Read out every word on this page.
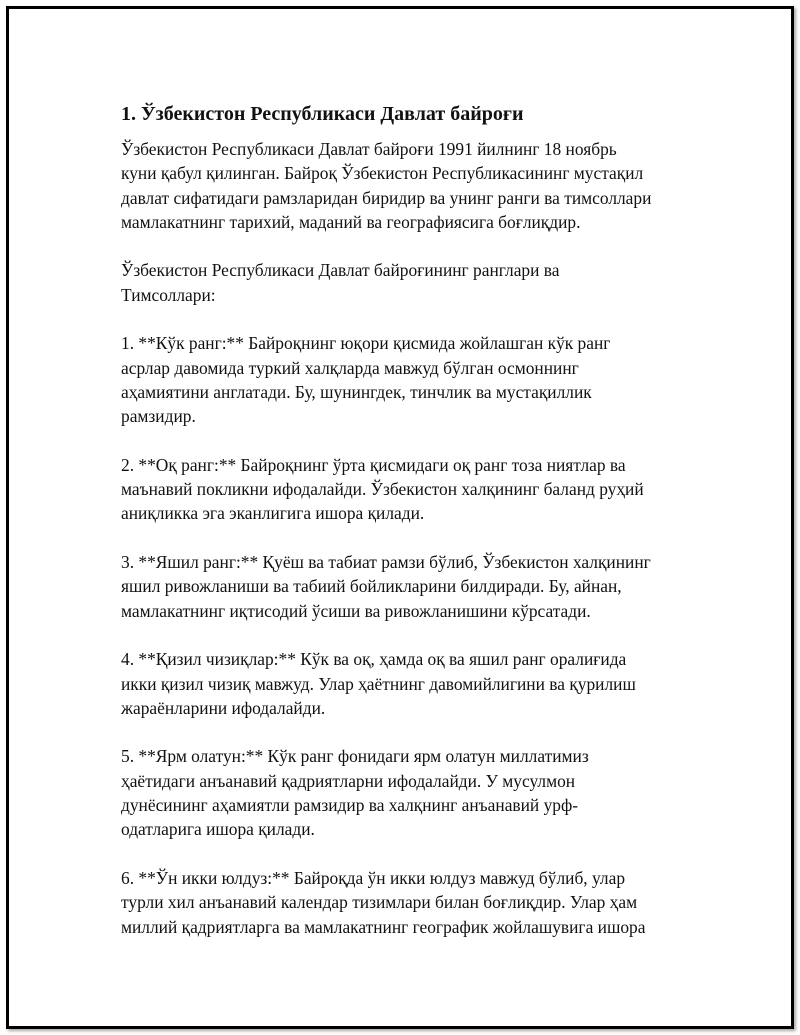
1. Ўзбекистон Республикаси Давлат байроғи

Ўзбекистон Республикаси Давлат байроғи 1991 йилнинг 18 ноябрь
куни қабул қилинган. Байроқ Ўзбекистон Республикасининг мустақил
давлат сифатидаги рамзларидан биридир ва унинг ранги ва тимсоллари
мамлакатнинг тарихий, маданий ва географиясига боғлиқдир.

Ўзбекистон Республикаси Давлат байроғининг ранглари ва
Тимсоллари:

1. **Кўк ранг:** Байроқнинг юқори қисмида жойлашган кўк ранг
асрлар давомида туркий халқларда мавжуд бўлган осмоннинг
аҳамиятини англатади. Бу, шунингдек, тинчлик ва мустақиллик
рамзидир.

2. **Оқ ранг:** Байроқнинг ўрта қисмидаги оқ ранг тоза ниятлар ва
маънавий покликни ифодалайди. Ўзбекистон халқининг баланд руҳий
аниқликка эга эканлигига ишора қилади.

3. **Яшил ранг:** Қуёш ва табиат рамзи бўлиб, Ўзбекистон халқининг
яшил ривожланиши ва табиий бойликларини билдиради. Бу, айнан,
мамлакатнинг иқтисодий ўсиши ва ривожланишини кўрсатади.

4. **Қизил чизиқлар:** Кўк ва оқ, ҳамда оқ ва яшил ранг оралиғида
икки қизил чизиқ мавжуд. Улар ҳаётнинг давомийлигини ва қурилиш
жараёнларини ифодалайди.

5. **Ярм олатун:** Кўк ранг фонидаги ярм олатун миллатимиз
ҳаётидаги анъанавий қадриятларни ифодалайди. У мусулмон
дунёсининг аҳамиятли рамзидир ва халқнинг анъанавий урф-
одатларига ишора қилади.

6. **Ўн икки юлдуз:** Байроқда ўн икки юлдуз мавжуд бўлиб, улар
турли хил анъанавий календар тизимлари билан боғлиқдир. Улар ҳам
миллий қадриятларга ва мамлакатнинг географик жойлашувига ишора
